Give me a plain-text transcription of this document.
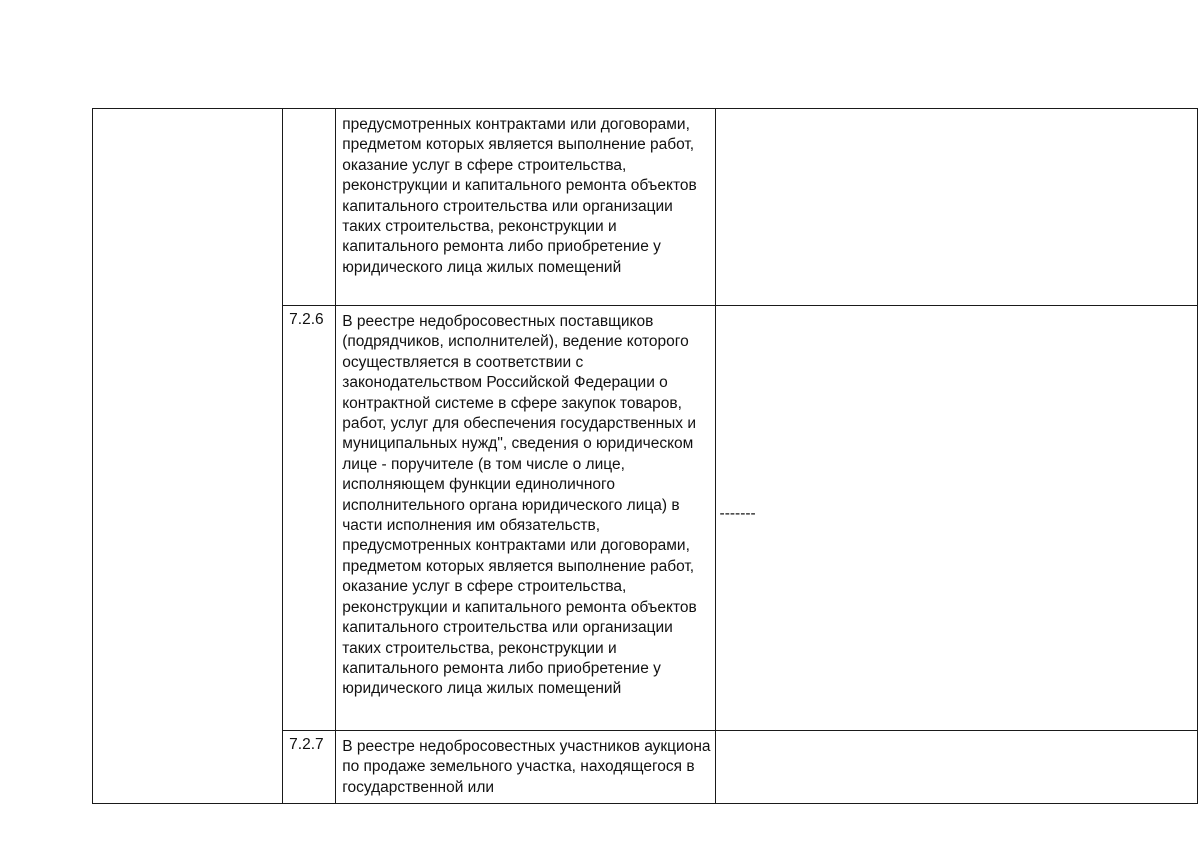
		предусмотренных контрактами или договорами, предметом которых является выполнение работ, оказание услуг в сфере строительства, реконструкции и капитального ремонта объектов капитального строительства или организации таких строительства, реконструкции и капитального ремонта либо приобретение у юридического лица жилых помещений	

	7.2.6	В реестре недобросовестных поставщиков (подрядчиков, исполнителей), ведение которого осуществляется в соответствии с законодательством Российской Федерации о контрактной системе в сфере закупок товаров, работ, услуг для обеспечения государственных и муниципальных нужд", сведения о юридическом лице - поручителе (в том числе о лице, исполняющем функции единоличного исполнительного органа юридического лица) в части исполнения им обязательств, предусмотренных контрактами или договорами, предметом которых является выполнение работ, оказание услуг в сфере строительства, реконструкции и капитального ремонта объектов капитального строительства или организации таких строительства, реконструкции и капитального ремонта либо приобретение у юридического лица жилых помещений	-------

	7.2.7	В реестре недобросовестных участников аукциона по продаже земельного участка, находящегося в государственной или	
